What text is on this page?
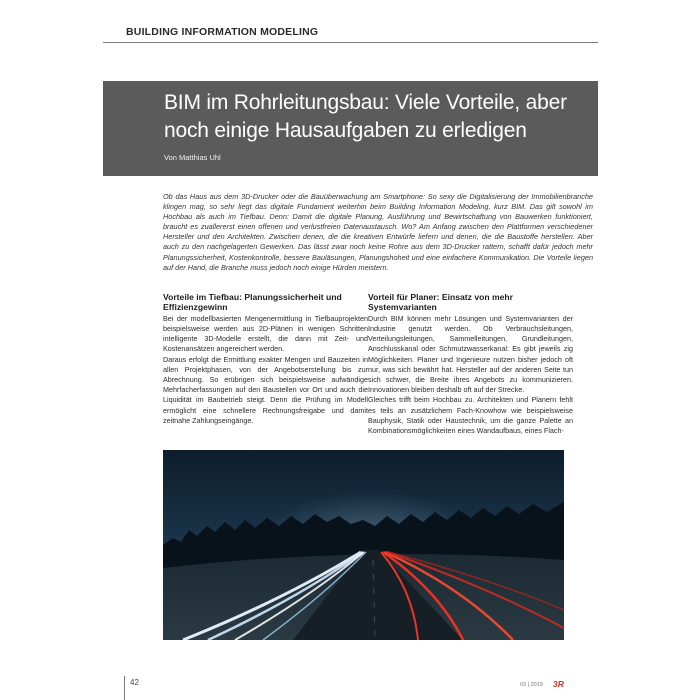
BUILDING INFORMATION MODELING
BIM im Rohrleitungsbau: Viele Vorteile, aber noch einige Hausaufgaben zu erledigen
Von Matthias Uhl
Ob das Haus aus dem 3D-Drucker oder die Bauüberwachung am Smartphone: So sexy die Digitalisierung der Immobilienbranche klingen mag, so sehr liegt das digitale Fundament weiterhin beim Building Information Modeling, kurz BIM. Das gilt sowohl im Hochbau als auch im Tiefbau. Denn: Damit die digitale Planung, Ausführung und Bewirtschaftung von Bauwerken funktioniert, braucht es zuallererst einen offenen und verlustfreien Datenaustausch. Wo? Am Anfang zwischen den Plattformen verschiedener Hersteller und den Architekten. Zwischen denen, die die kreativen Entwürfe liefern und denen, die die Baustoffe herstellen. Aber auch zu den nachgelagerten Gewerken. Das lässt zwar noch keine Rohre aus dem 3D-Drucker rattern, schafft dafür jedoch mehr Planungssicherheit, Kostenkontrolle, bessere Bauläsungen, Planungshoheit und eine einfachere Kommunikation. Die Vorteile liegen auf der Hand, die Branche muss jedoch noch einige Hürden meistern.
Vorteile im Tiefbau: Planungssicherheit und Effizienzgewinn

Bei der modellbasierten Mengenermittlung in Tiefbauprojekten beispielsweise werden aus 2D-Plänen in wenigen Schritten intelligente 3D-Modelle erstellt, die dann mit Zeit- und Kostenansätzen angereichert werden.

Daraus erfolgt die Ermittlung exakter Mengen und Bauzeiten in allen Projektphasen, von der Angebotserstellung bis zur Abrechnung. So erübrigen sich beispielsweise aufwändige Mehrfacherfassungen auf den Baustellen vor Ort und auch die Liquidität im Baubetrieb steigt. Denn die Prüfung im Modell ermöglicht eine schnellere Rechnungsfreigabe und damit zeitnahe Zahlungseingänge.

Vorteil für Planer: Einsatz von mehr Systemvarianten

Durch BIM können mehr Lösungen und Systemvarianten der Industrie genutzt werden. Ob Verbrauchsleitungen, Verteilungsleitungen, Sammelleitungen, Grundleitungen, Anschlusskanal oder Schmutzwasserkanal: Es gibt jeweils zig Möglichkeiten. Planer und Ingenieure nutzen bisher jedoch oft nur, was sich bewährt hat. Hersteller auf der anderen Seite tun sich schwer, die Breite ihres Angebots zu kommunizieren. Innovationen bleiben deshalb oft auf der Strecke.

Gleiches trifft beim Hochbau zu. Architekten und Planern fehlt es teils an zusätzlichem Fach-Knowhow wie beispielsweise Bauphysik, Statik oder Haustechnik, um die ganze Palette an Kombinationsmöglichkeiten eines Wandaufbaus, eines Flach-

42	03 | 2019 3R
